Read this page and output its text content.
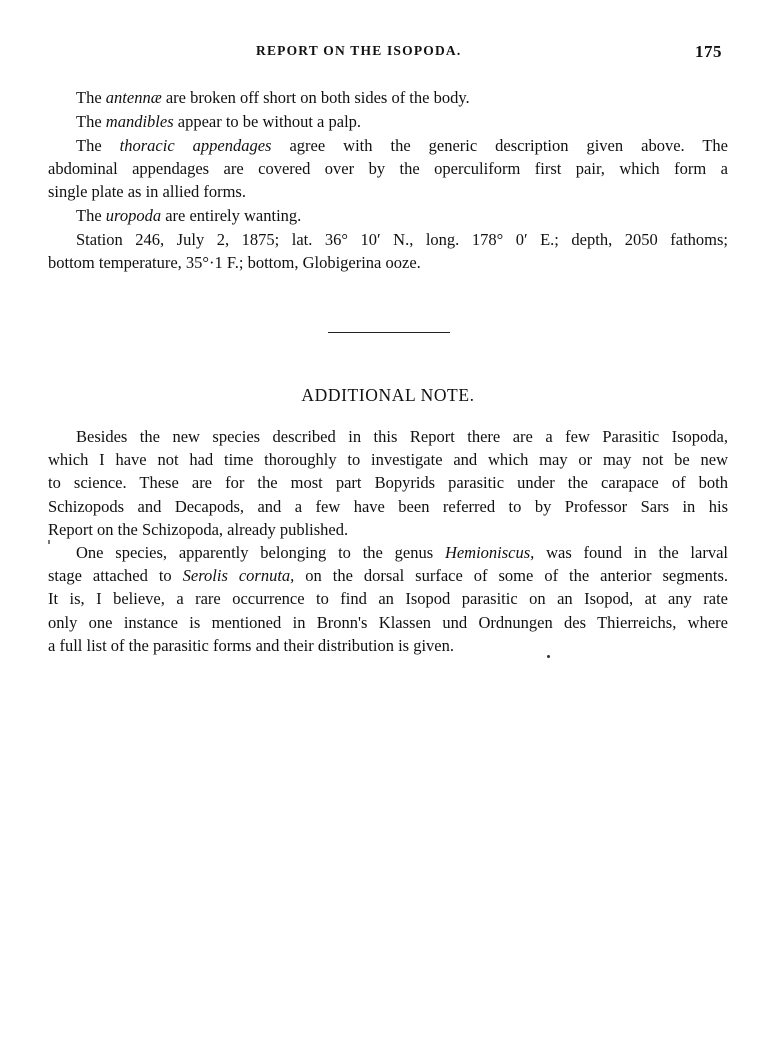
REPORT ON THE ISOPODA.	175
The antennæ are broken off short on both sides of the body.
The mandibles appear to be without a palp.
The thoracic appendages agree with the generic description given above. The
abdominal appendages are covered over by the operculiform first pair, which form a
single plate as in allied forms.
The uropoda are entirely wanting.
Station 246, July 2, 1875; lat. 36° 10′ N., long. 178° 0′ E.; depth, 2050 fathoms;
bottom temperature, 35°·1 F.; bottom, Globigerina ooze.
ADDITIONAL NOTE.
Besides the new species described in this Report there are a few Parasitic Isopoda,
which I have not had time thoroughly to investigate and which may or may not be new
to science. These are for the most part Bopyrids parasitic under the carapace of both
Schizopods and Decapods, and a few have been referred to by Professor Sars in his
Report on the Schizopoda, already published.
One species, apparently belonging to the genus Hemioniscus, was found in the larval
stage attached to Serolis cornuta, on the dorsal surface of some of the anterior segments.
It is, I believe, a rare occurrence to find an Isopod parasitic on an Isopod, at any rate
only one instance is mentioned in Bronn's Klassen und Ordnungen des Thierreichs, where
a full list of the parasitic forms and their distribution is given.
